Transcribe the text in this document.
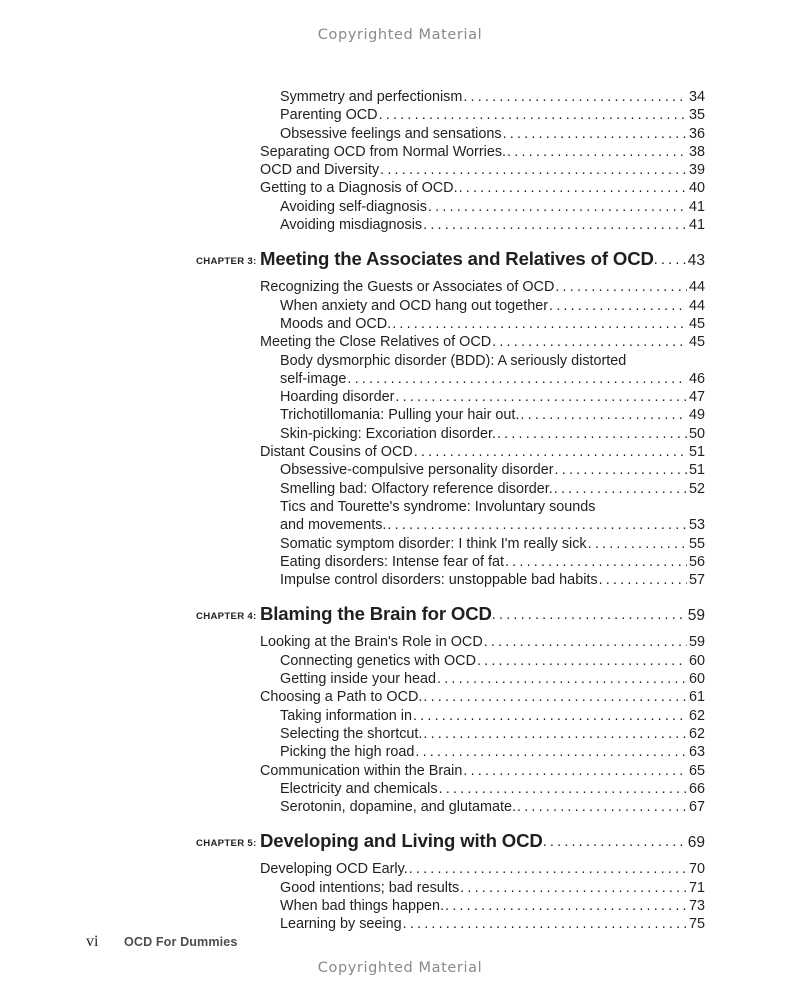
Copyrighted Material
Symmetry and perfectionism . . .	34
Parenting OCD . . .	35
Obsessive feelings and sensations . . .	36
Separating OCD from Normal Worries. . . .	38
OCD and Diversity . . .	39
Getting to a Diagnosis of OCD. . . .	40
Avoiding self-diagnosis . . .	41
Avoiding misdiagnosis . . .	41
CHAPTER 3: Meeting the Associates and Relatives of OCD . . . 43
Recognizing the Guests or Associates of OCD . . .	44
When anxiety and OCD hang out together . . .	44
Moods and OCD. . . .	45
Meeting the Close Relatives of OCD . . .	45
Body dysmorphic disorder (BDD): A seriously distorted
self-image . . .	46
Hoarding disorder . . .	47
Trichotillomania: Pulling your hair out. . . .	49
Skin-picking: Excoriation disorder. . . .	50
Distant Cousins of OCD . . .	51
Obsessive-compulsive personality disorder . . .	51
Smelling bad: Olfactory reference disorder. . . .	52
Tics and Tourette's syndrome: Involuntary sounds
and movements. . . .	53
Somatic symptom disorder: I think I'm really sick . . .	55
Eating disorders: Intense fear of fat . . .	56
Impulse control disorders: unstoppable bad habits . . .	57
CHAPTER 4: Blaming the Brain for OCD . . .	59
Looking at the Brain's Role in OCD . . .	59
Connecting genetics with OCD . . .	60
Getting inside your head . . .	60
Choosing a Path to OCD. . . .	61
Taking information in . . .	62
Selecting the shortcut. . . .	62
Picking the high road . . .	63
Communication within the Brain . . .	65
Electricity and chemicals . . .	66
Serotonin, dopamine, and glutamate. . . .	67
CHAPTER 5: Developing and Living with OCD . . .	69
Developing OCD Early. . . .	70
Good intentions; bad results . . .	71
When bad things happen. . . .	73
Learning by seeing . . .	75
vi	OCD For Dummies
Copyrighted Material
